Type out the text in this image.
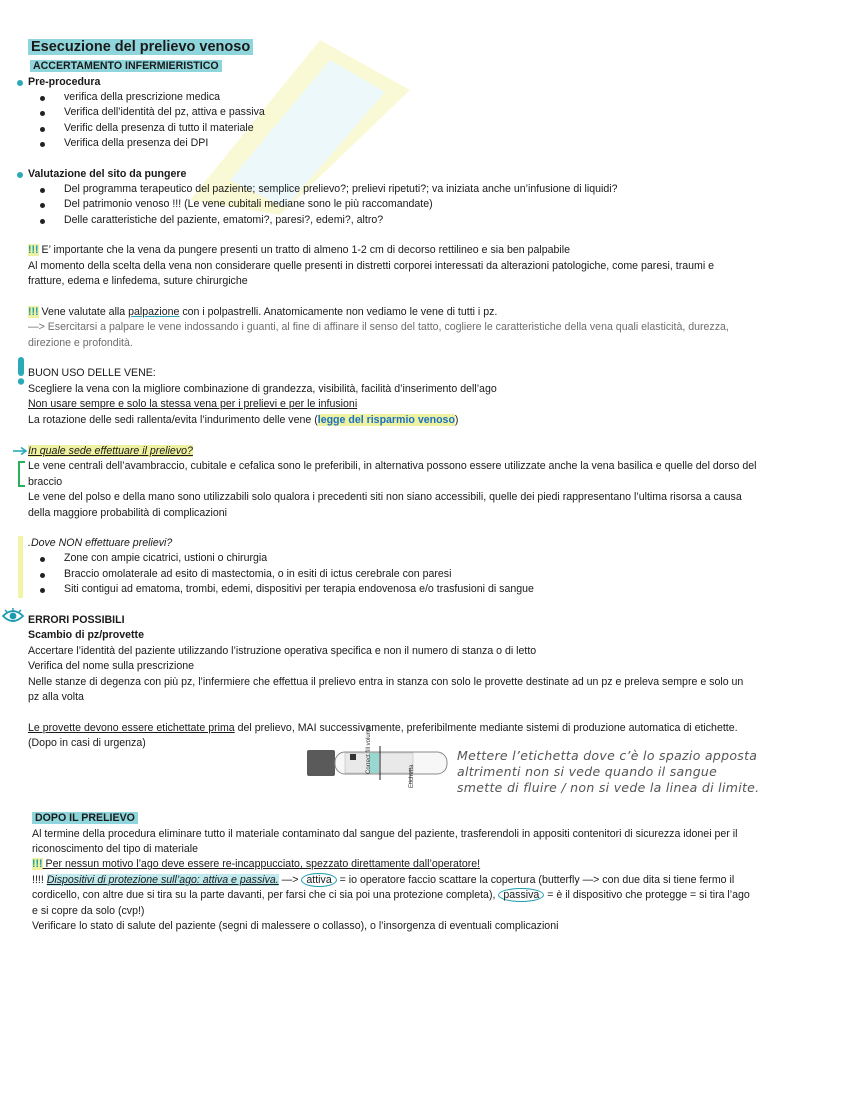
Esecuzione del prelievo venoso
ACCERTAMENTO INFERMIERISTICO
Pre-procedura
verifica della prescrizione medica
Verifica dell’identità del pz, attiva e passiva
Verific della presenza di tutto il materiale
Verifica della presenza dei DPI
Valutazione del sito da pungere
Del programma terapeutico del paziente; semplice prelievo?; prelievi ripetuti?; va iniziata anche un’infusione di liquidi?
Del patrimonio venoso !!! (Le vene cubitali mediane sono le più raccomandate)
Delle caratteristiche del paziente, ematomi?, paresi?, edemi?, altro?
!!! E’ importante che la vena da pungere presenti un tratto di almeno 1-2 cm di decorso rettilineo e sia ben palpabile
Al momento della scelta della vena non considerare quelle presenti in distretti corporei interessati da alterazioni patologiche, come paresi, traumi e
fratture, edema e linfedema, suture chirurgiche
!!! Vene valutate alla palpazione con i polpastrelli. Anatomicamente non vediamo le vene di tutti i pz.
—> Esercitarsi a palpare le vene indossando i guanti, al fine di affinare il senso del tatto, cogliere le caratteristiche della vena quali elasticità, durezza,
direzione e profondità.
BUON USO DELLE VENE:
Scegliere la vena con la migliore combinazione di grandezza, visibilità, facilità d’inserimento dell’ago
Non usare sempre e solo la stessa vena per i prelievi e per le infusioni
La rotazione delle sedi rallenta/evita l’indurimento delle vene (legge del risparmio venoso)
In quale sede effettuare il prelievo?
Le vene centrali dell’avambraccio, cubitale e cefalica sono le preferibili, in alternativa possono essere utilizzate anche la vena basilica e quelle del dorso del
braccio
Le vene del polso e della mano sono utilizzabili solo qualora i precedenti siti non siano accessibili, quelle dei piedi rappresentano l’ultima risorsa a causa
della maggiore probabilità di complicazioni
.Dove NON effettuare prelievi?
Zone con ampie cicatrici, ustioni o chirurgia
Braccio omolaterale ad esito di mastectomia, o in esiti di ictus cerebrale con paresi
Siti contigui ad ematoma, trombi, edemi, dispositivi per terapia endovenosa e/o trasfusioni di sangue
ERRORI POSSIBILI
Scambio di pz/provette
Accertare l’identità del paziente utilizzando l’istruzione operativa specifica e non il numero di stanza o di letto
Verifica del nome sulla prescrizione
Nelle stanze di degenza con più pz, l’infermiere che effettua il prelievo entra in stanza con solo le provette destinate ad un pz e preleva sempre e solo un
pz alla volta
Le provette devono essere etichettate prima del prelievo, MAI successivamente, preferibilmente mediante sistemi di produzione automatica di etichette.
(Dopo in casi di urgenza)	Correct fill volume
Etichetta
Mettere l’etichetta dove c’è lo spazio apposta
altrimenti non si vede quando il sangue
smette di fluire / non si vede la linea di limite.
DOPO IL PRELIEVO
Al termine della procedura eliminare tutto il materiale contaminato dal sangue del paziente, trasferendoli in appositi contenitori di sicurezza idonei per il
riconoscimento del tipo di materiale
!!! Per nessun motivo l’ago deve essere re-incappucciato, spezzato direttamente dall’operatore!
!!!! Dispositivi di protezione sull’ago: attiva e passiva. —> attiva = io operatore faccio scattare la copertura (butterfly —> con due dita si tiene fermo il
cordicello, con altre due si tira su la parte davanti, per farsi che ci sia poi una protezione completa), passiva = è il dispositivo che protegge = si tira l’ago
e si copre da solo (cvp!)
Verificare lo stato di salute del paziente (segni di malessere o collasso), o l’insorgenza di eventuali complicazioni
